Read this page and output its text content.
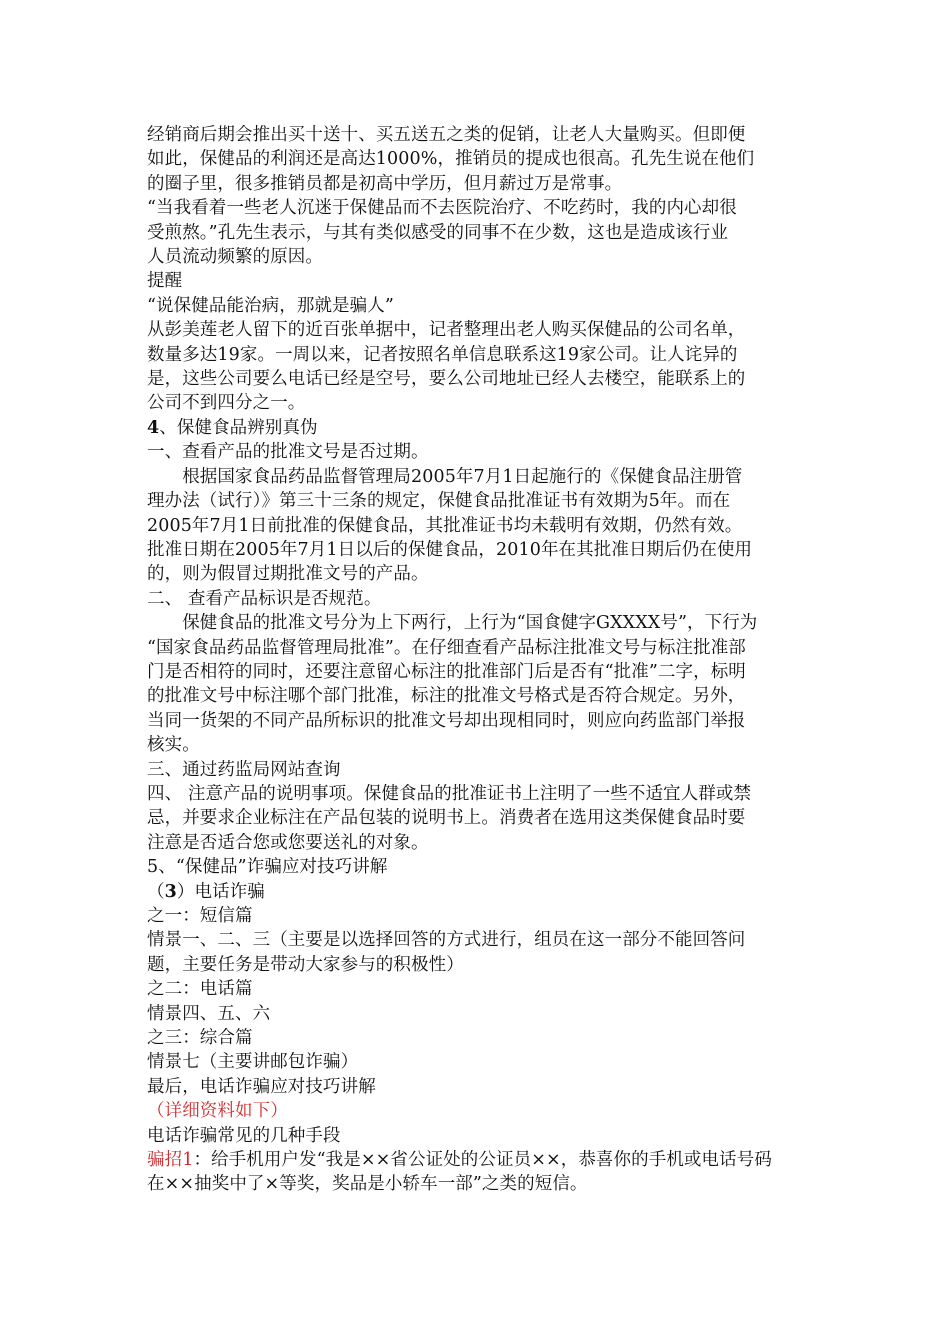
经销商后期会推出买十送十、买五送五之类的促销，让老人大量购买。但即便
如此，保健品的利润还是高达1000%，推销员的提成也很高。孔先生说在他们
的圈子里，很多推销员都是初高中学历，但月薪过万是常事。
“当我看着一些老人沉迷于保健品而不去医院治疗、不吃药时，我的内心却很
受煎熬。”孔先生表示，与其有类似感受的同事不在少数，这也是造成该行业
人员流动频繁的原因。
提醒
“说保健品能治病，那就是骗人”
从彭美莲老人留下的近百张单据中，记者整理出老人购买保健品的公司名单，
数量多达19家。一周以来，记者按照名单信息联系这19家公司。让人诧异的
是，这些公司要么电话已经是空号，要么公司地址已经人去楼空，能联系上的
公司不到四分之一。
4、保健食品辨别真伪
一、查看产品的批准文号是否过期。
　　根据国家食品药品监督管理局2005年7月1日起施行的《保健食品注册管
理办法（试行）》第三十三条的规定，保健食品批准证书有效期为5年。而在
2005年7月1日前批准的保健食品，其批准证书均未载明有效期，仍然有效。
批准日期在2005年7月1日以后的保健食品，2010年在其批准日期后仍在使用
的，则为假冒过期批准文号的产品。
二、 查看产品标识是否规范。
　　保健食品的批准文号分为上下两行，上行为“国食健字GXXXX号”，下行为
“国家食品药品监督管理局批准”。在仔细查看产品标注批准文号与标注批准部
门是否相符的同时，还要注意留心标注的批准部门后是否有“批准”二字，标明
的批准文号中标注哪个部门批准，标注的批准文号格式是否符合规定。另外，
当同一货架的不同产品所标识的批准文号却出现相同时，则应向药监部门举报
核实。
三、通过药监局网站查询
四、 注意产品的说明事项。保健食品的批准证书上注明了一些不适宜人群或禁
忌，并要求企业标注在产品包装的说明书上。消费者在选用这类保健食品时要
注意是否适合您或您要送礼的对象。
5、“保健品”诈骗应对技巧讲解
（3）电话诈骗
之一：短信篇
情景一、二、三（主要是以选择回答的方式进行，组员在这一部分不能回答问
题，主要任务是带动大家参与的积极性）
之二：电话篇
情景四、五、六
之三：综合篇
情景七（主要讲邮包诈骗）
最后，电话诈骗应对技巧讲解
（详细资料如下）
电话诈骗常见的几种手段
骗招1：给手机用户发“我是××省公证处的公证员××，恭喜你的手机或电话号码
在××抽奖中了×等奖，奖品是小轿车一部”之类的短信。
